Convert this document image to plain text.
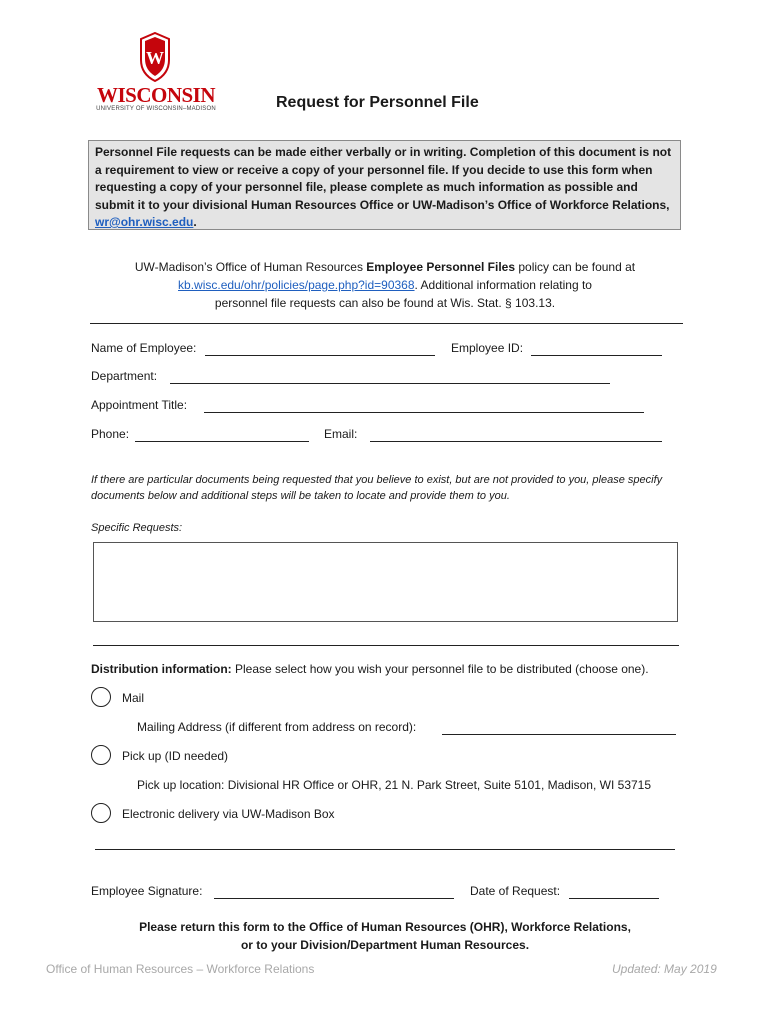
W
WISCONSIN
UNIVERSITY OF WISCONSIN–MADISON	Request for Personnel File
Personnel File requests can be made either verbally or in writing. Completion of this document is not a requirement to view or receive a copy of your personnel file. If you decide to use this form when requesting a copy of your personnel file, please complete as much information as possible and submit it to your divisional Human Resources Office or UW-Madison’s Office of Workforce Relations, wr@ohr.wisc.edu.
UW-Madison’s Office of Human Resources Employee Personnel Files policy can be found at
kb.wisc.edu/ohr/policies/page.php?id=90368. Additional information relating to
personnel file requests can also be found at Wis. Stat. § 103.13.
Name of Employee:	Employee ID:
Department:
Appointment Title:
Phone:	Email:
If there are particular documents being requested that you believe to exist, but are not provided to you, please specify documents below and additional steps will be taken to locate and provide them to you.
Specific Requests:
Distribution information: Please select how you wish your personnel file to be distributed (choose one).
Mail
Mailing Address (if different from address on record):
Pick up (ID needed)
Pick up location: Divisional HR Office or OHR, 21 N. Park Street, Suite 5101, Madison, WI 53715
Electronic delivery via UW-Madison Box
Employee Signature:	Date of Request:
Please return this form to the Office of Human Resources (OHR), Workforce Relations,
or to your Division/Department Human Resources.
Office of Human Resources – Workforce Relations	Updated: May 2019
